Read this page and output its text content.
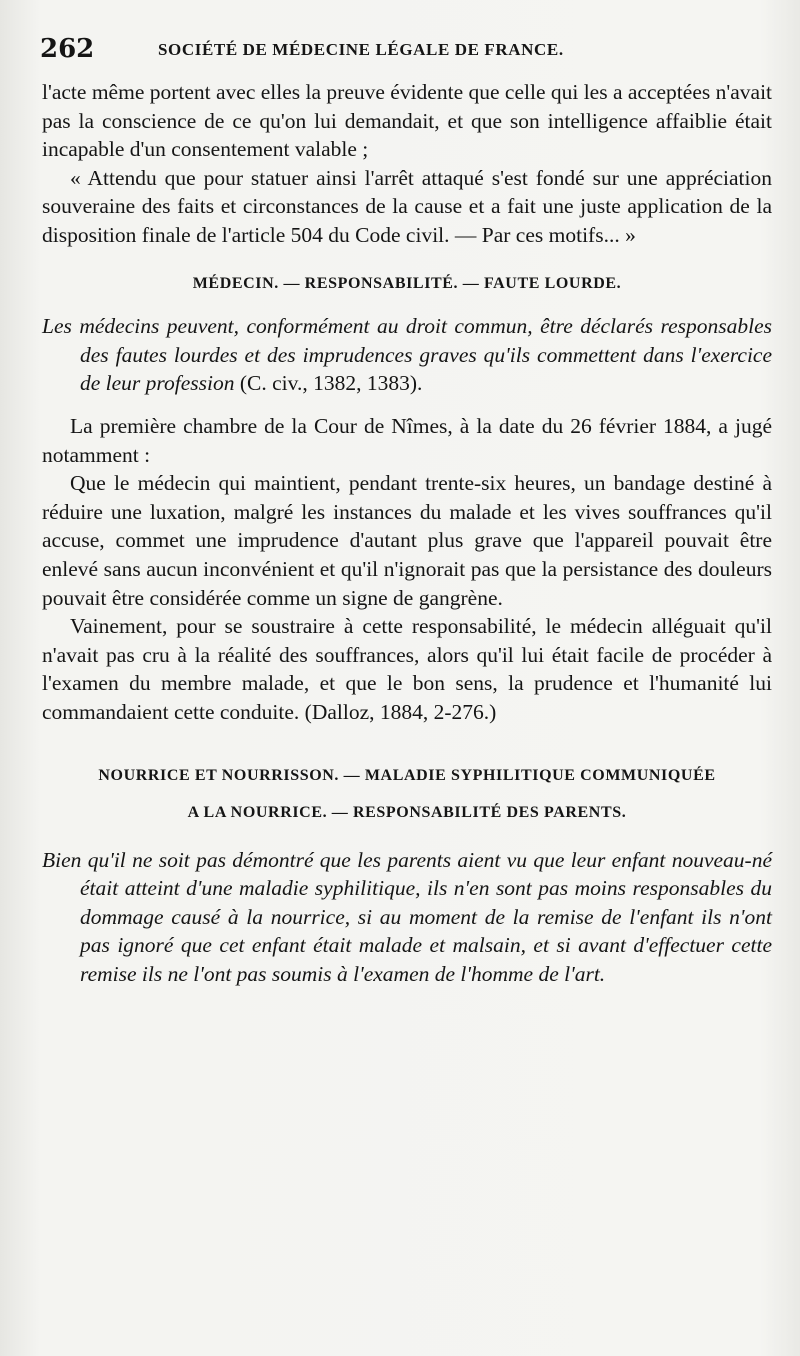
262	SOCIÉTÉ DE MÉDECINE LÉGALE DE FRANCE.

l'acte même portent avec elles la preuve évidente que celle qui les a acceptées n'avait pas la conscience de ce qu'on lui demandait, et que son intelligence affaiblie était incapable d'un consentement valable ;

« Attendu que pour statuer ainsi l'arrêt attaqué s'est fondé sur une appréciation souveraine des faits et circonstances de la cause et a fait une juste application de la disposition finale de l'article 504 du Code civil. — Par ces motifs... »

MÉDECIN. — RESPONSABILITÉ. — FAUTE LOURDE.

Les médecins peuvent, conformément au droit commun, être déclarés responsables des fautes lourdes et des imprudences graves qu'ils commettent dans l'exercice de leur profession (C. civ., 1382, 1383).

La première chambre de la Cour de Nîmes, à la date du 26 février 1884, a jugé notamment :

Que le médecin qui maintient, pendant trente-six heures, un bandage destiné à réduire une luxation, malgré les instances du malade et les vives souffrances qu'il accuse, commet une imprudence d'autant plus grave que l'appareil pouvait être enlevé sans aucun inconvénient et qu'il n'ignorait pas que la persistance des douleurs pouvait être considérée comme un signe de gangrène.

Vainement, pour se soustraire à cette responsabilité, le médecin alléguait qu'il n'avait pas cru à la réalité des souffrances, alors qu'il lui était facile de procéder à l'examen du membre malade, et que le bon sens, la prudence et l'humanité lui commandaient cette conduite. (Dalloz, 1884, 2-276.)

NOURRICE ET NOURRISSON. — MALADIE SYPHILITIQUE COMMUNIQUÉE

A LA NOURRICE. — RESPONSABILITÉ DES PARENTS.

Bien qu'il ne soit pas démontré que les parents aient vu que leur enfant nouveau-né était atteint d'une maladie syphilitique, ils n'en sont pas moins responsables du dommage causé à la nourrice, si au moment de la remise de l'enfant ils n'ont pas ignoré que cet enfant était malade et malsain, et si avant d'effectuer cette remise ils ne l'ont pas soumis à l'examen de l'homme de l'art.
